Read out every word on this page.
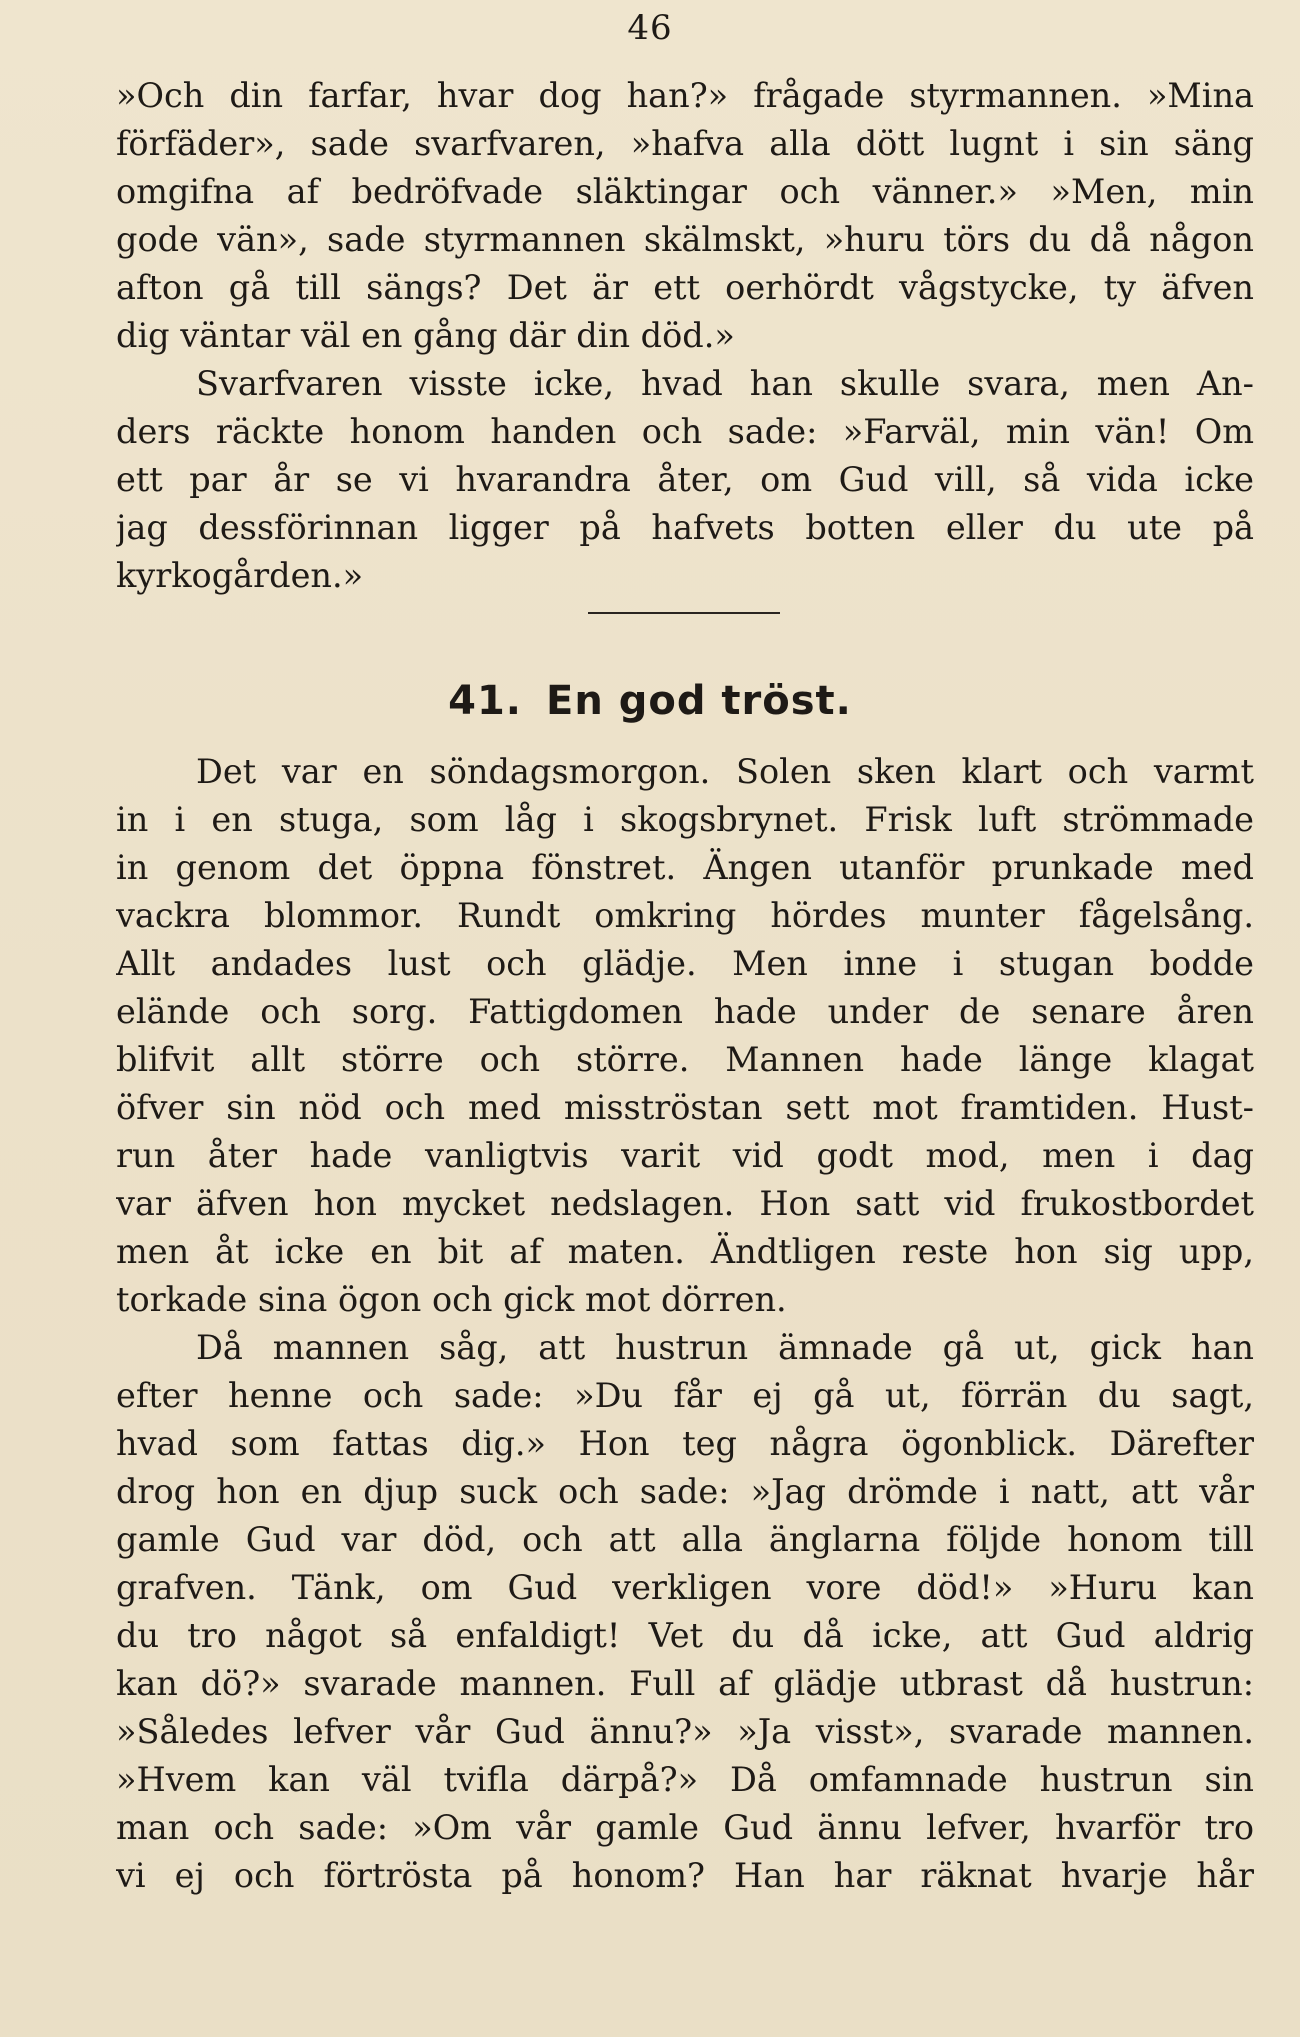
46
»Och din farfar, hvar dog han?» frågade styrmannen. »Mina
förfäder», sade svarfvaren, »hafva alla dött lugnt i sin säng
omgifna af bedröfvade släktingar och vänner.» »Men, min
gode vän», sade styrmannen skälmskt, »huru törs du då någon
afton gå till sängs? Det är ett oerhördt vågstycke, ty äfven
dig väntar väl en gång där din död.»
Svarfvaren visste icke, hvad han skulle svara, men An-
ders räckte honom handen och sade: »Farväl, min vän! Om
ett par år se vi hvarandra åter, om Gud vill, så vida icke
jag dessförinnan ligger på hafvets botten eller du ute på
kyrkogården.»
41. En god tröst.
Det var en söndagsmorgon. Solen sken klart och varmt
in i en stuga, som låg i skogsbrynet. Frisk luft strömmade
in genom det öppna fönstret. Ängen utanför prunkade med
vackra blommor. Rundt omkring hördes munter fågelsång.
Allt andades lust och glädje. Men inne i stugan bodde
elände och sorg. Fattigdomen hade under de senare åren
blifvit allt större och större. Mannen hade länge klagat
öfver sin nöd och med misströstan sett mot framtiden. Hust-
run åter hade vanligtvis varit vid godt mod, men i dag
var äfven hon mycket nedslagen. Hon satt vid frukostbordet
men åt icke en bit af maten. Ändtligen reste hon sig upp,
torkade sina ögon och gick mot dörren.
Då mannen såg, att hustrun ämnade gå ut, gick han
efter henne och sade: »Du får ej gå ut, förrän du sagt,
hvad som fattas dig.» Hon teg några ögonblick. Därefter
drog hon en djup suck och sade: »Jag drömde i natt, att vår
gamle Gud var död, och att alla änglarna följde honom till
grafven. Tänk, om Gud verkligen vore död!» »Huru kan
du tro något så enfaldigt! Vet du då icke, att Gud aldrig
kan dö?» svarade mannen. Full af glädje utbrast då hustrun:
»Således lefver vår Gud ännu?» »Ja visst», svarade mannen.
»Hvem kan väl tvifla därpå?» Då omfamnade hustrun sin
man och sade: »Om vår gamle Gud ännu lefver, hvarför tro
vi ej och förtrösta på honom? Han har räknat hvarje hår
